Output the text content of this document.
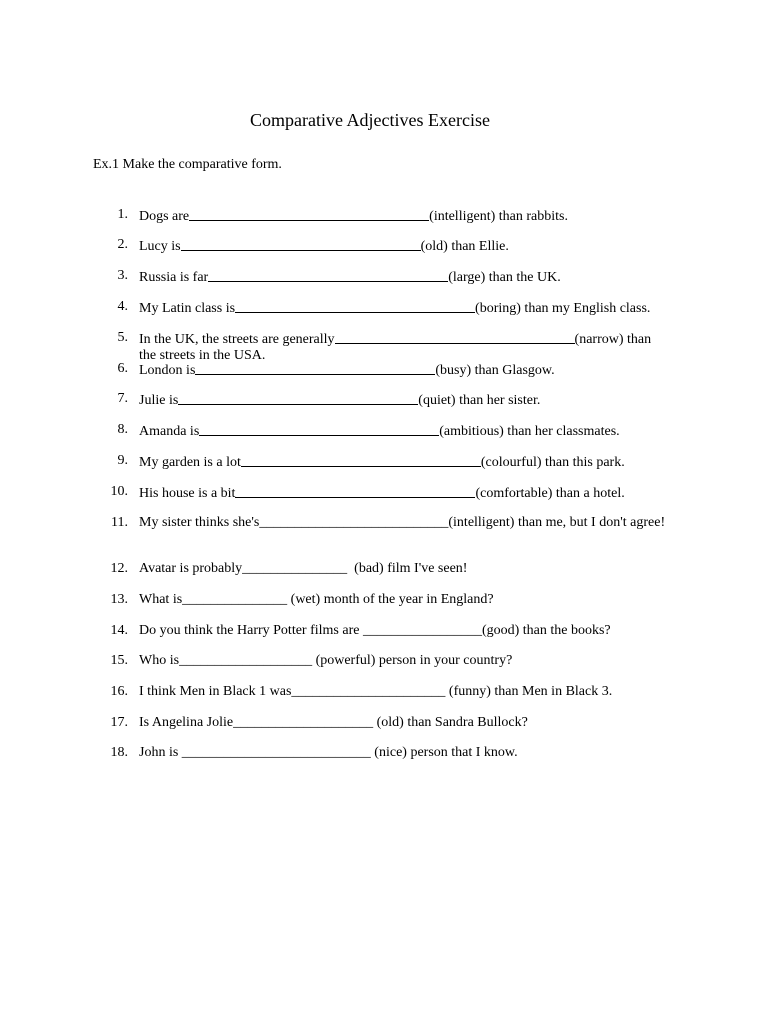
Comparative Adjectives Exercise
Ex.1 Make the comparative form.
1. Dogs are	(intelligent) than rabbits.
2. Lucy is	(old) than Ellie.
3. Russia is far	(large) than the UK.
4. My Latin class is	(boring) than my English class.
5. In the UK, the streets are generally	(narrow) than the streets in the USA.
6. London is	(busy) than Glasgow.
7. Julie is	(quiet) than her sister.
8. Amanda is	(ambitious) than her classmates.
9. My garden is a lot	(colourful) than this park.
10. His house is a bit	(comfortable) than a hotel.
11. My sister thinks she's___________________________(intelligent) than me, but I don't agree!
12. Avatar is probably_______________  (bad) film I've seen!
13. What is_______________ (wet) month of the year in England?
14. Do you think the Harry Potter films are _________________(good) than the books?
15. Who is___________________ (powerful) person in your country?
16. I think Men in Black 1 was______________________ (funny) than Men in Black 3.
17. Is Angelina Jolie____________________ (old) than Sandra Bullock?
18. John is ___________________________ (nice) person that I know.
